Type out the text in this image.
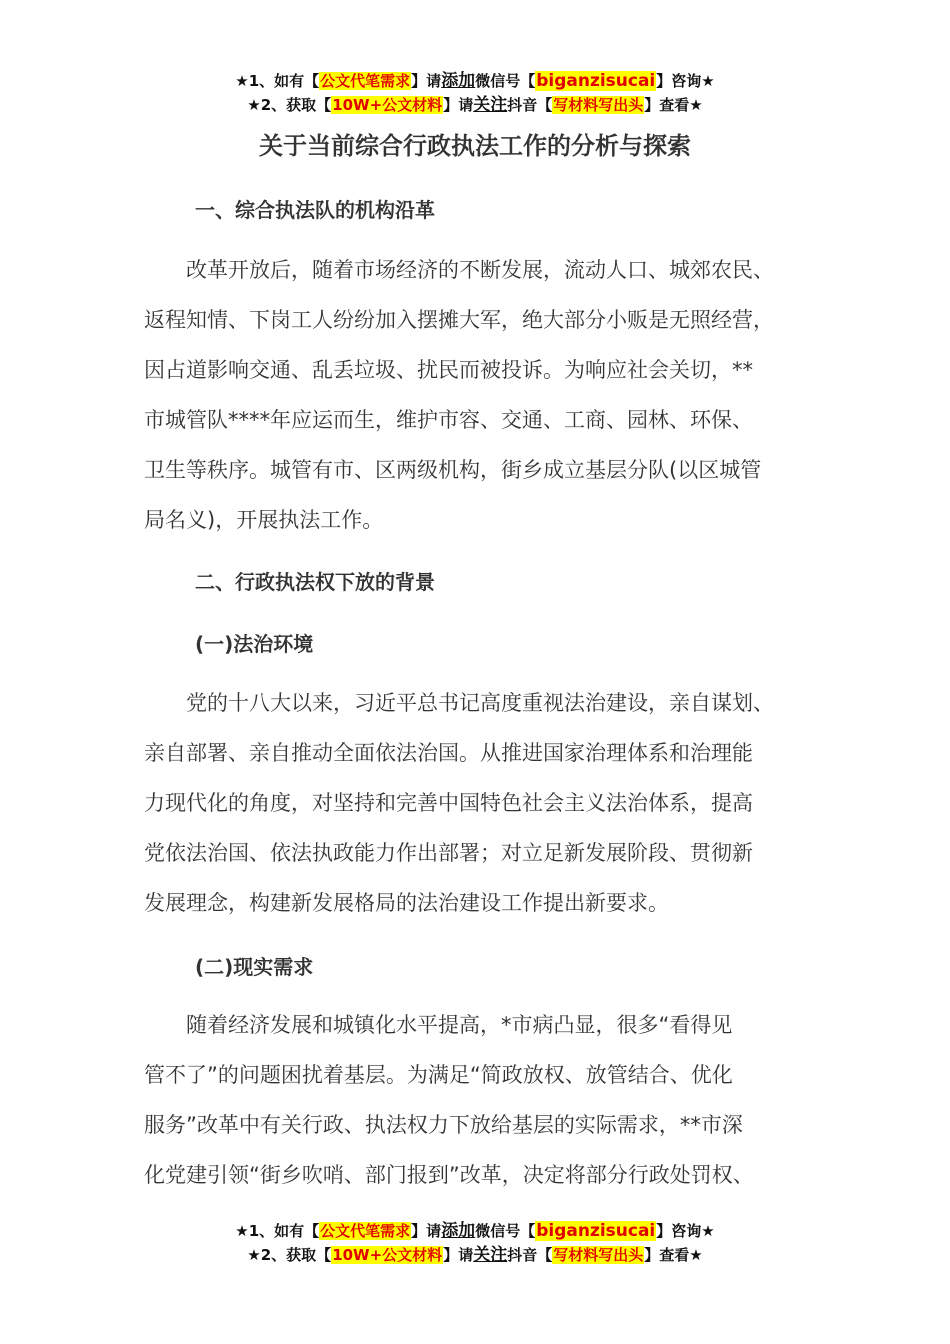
★1、如有【公文代笔需求】请添加微信号【biganzisucai】咨询★
★2、获取【10W+公文材料】请关注抖音【写材料写出头】查看★
关于当前综合行政执法工作的分析与探索
一、综合执法队的机构沿革
　　改革开放后，随着市场经济的不断发展，流动人口、城郊农民、
返程知情、下岗工人纷纷加入摆摊大军，绝大部分小贩是无照经营，
因占道影响交通、乱丢垃圾、扰民而被投诉。为响应社会关切，**
市城管队****年应运而生，维护市容、交通、工商、园林、环保、
卫生等秩序。城管有市、区两级机构，街乡成立基层分队(以区城管
局名义)，开展执法工作。
二、行政执法权下放的背景
(一)法治环境
　　党的十八大以来，习近平总书记高度重视法治建设，亲自谋划、
亲自部署、亲自推动全面依法治国。从推进国家治理体系和治理能
力现代化的角度，对坚持和完善中国特色社会主义法治体系，提高
党依法治国、依法执政能力作出部署；对立足新发展阶段、贯彻新
发展理念，构建新发展格局的法治建设工作提出新要求。
(二)现实需求
　　随着经济发展和城镇化水平提高，*市病凸显，很多“看得见
管不了”的问题困扰着基层。为满足“简政放权、放管结合、优化
服务”改革中有关行政、执法权力下放给基层的实际需求，**市深
化党建引领“街乡吹哨、部门报到”改革，决定将部分行政处罚权、
★1、如有【公文代笔需求】请添加微信号【biganzisucai】咨询★
★2、获取【10W+公文材料】请关注抖音【写材料写出头】查看★
